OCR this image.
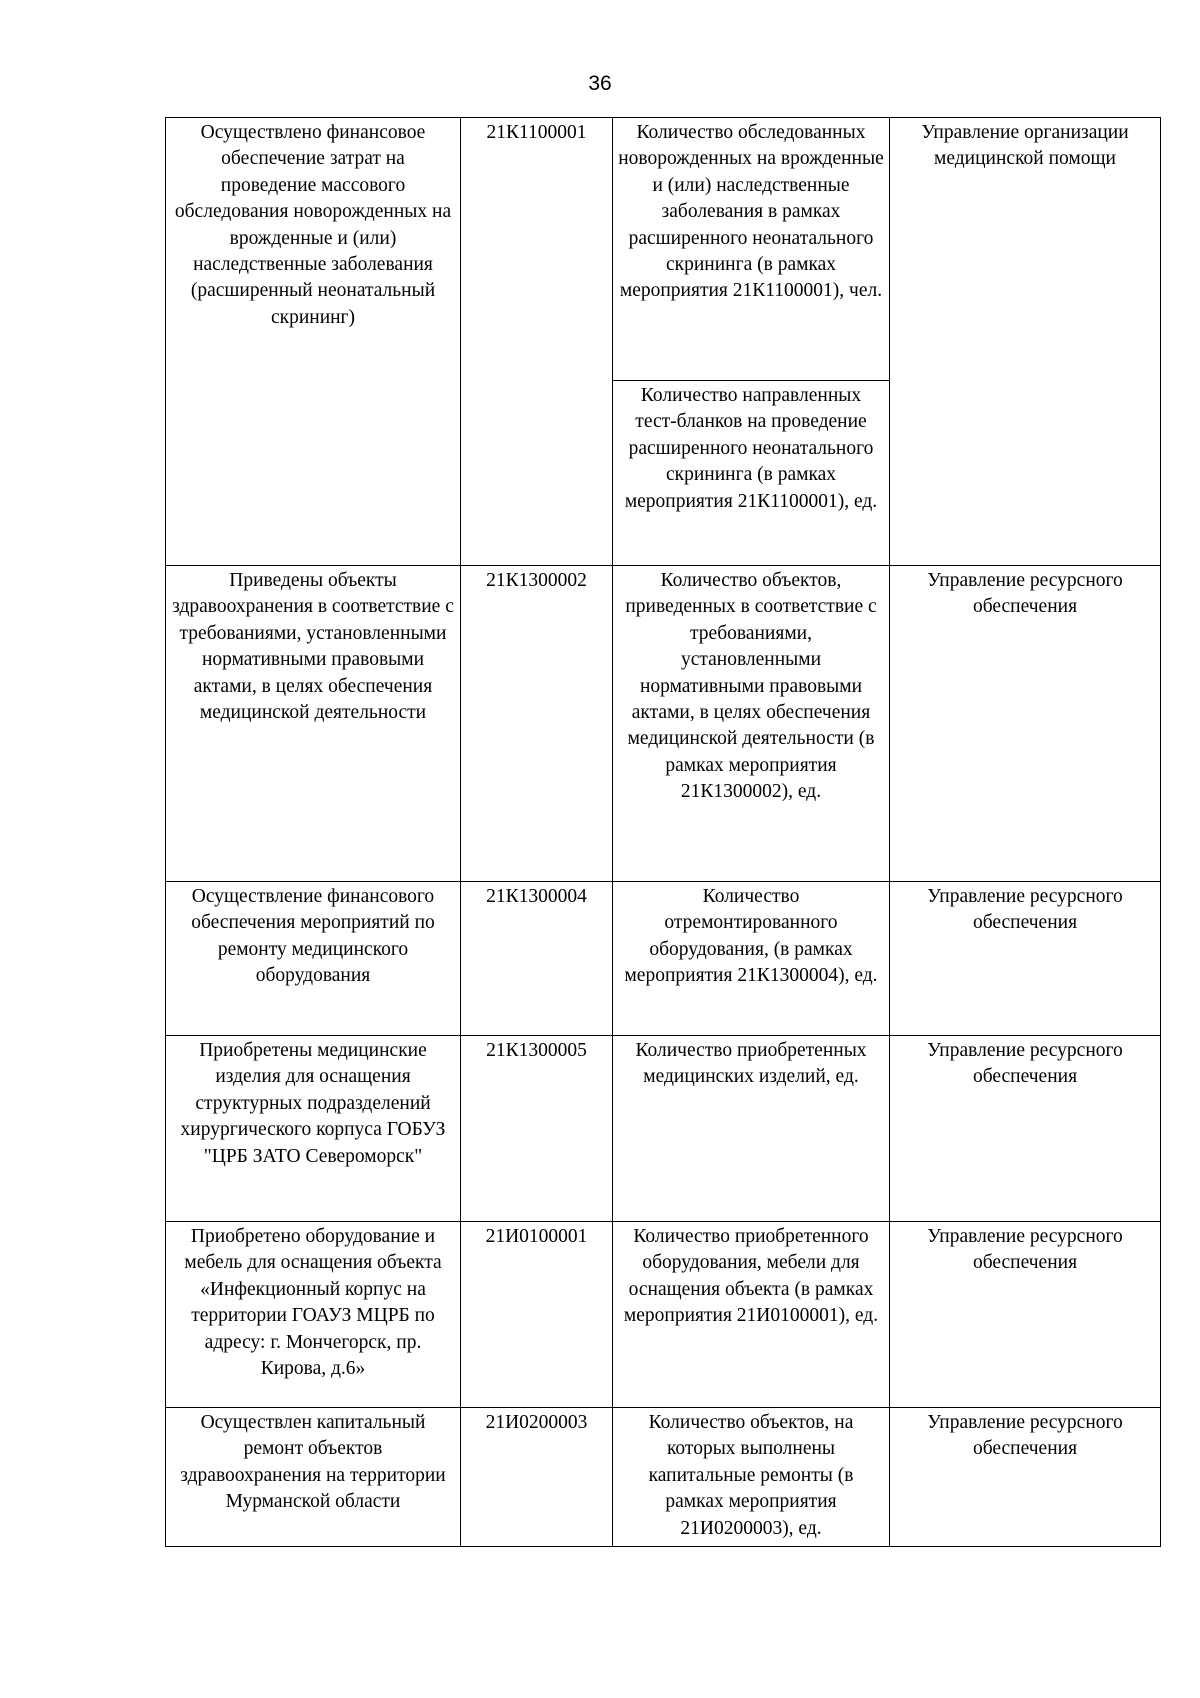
36
Осуществлено финансовое обеспечение затрат на проведение массового обследования новорожденных на врожденные и (или) наследственные заболевания (расширенный неонатальный скрининг)	21К1100001	Количество обследованных новорожденных на врожденные и (или) наследственные заболевания в рамках расширенного неонатального скрининга (в рамках мероприятия 21К1100001), чел.	Управление организации медицинской помощи

		Количество направленных тест-бланков на проведение расширенного неонатального скрининга (в рамках мероприятия 21К1100001), ед.	

Приведены объекты здравоохранения в соответствие с требованиями, установленными нормативными правовыми актами, в целях обеспечения медицинской деятельности	21К1300002	Количество объектов, приведенных в соответствие с требованиями, установленными нормативными правовыми актами, в целях обеспечения медицинской деятельности (в рамках мероприятия 21К1300002), ед.	Управление ресурсного обеспечения

Осуществление финансового обеспечения мероприятий по ремонту медицинского оборудования	21К1300004	Количество отремонтированного оборудования, (в рамках мероприятия 21К1300004), ед.	Управление ресурсного обеспечения

Приобретены медицинские изделия для оснащения структурных подразделений хирургического корпуса ГОБУЗ "ЦРБ ЗАТО Североморск"	21К1300005	Количество приобретенных медицинских изделий, ед.	Управление ресурсного обеспечения

Приобретено оборудование и мебель для оснащения объекта «Инфекционный корпус на территории ГОАУЗ МЦРБ по адресу: г. Мончегорск, пр. Кирова, д.6»	21И0100001	Количество приобретенного оборудования, мебели для оснащения объекта (в рамках мероприятия 21И0100001), ед.	Управление ресурсного обеспечения

Осуществлен капитальный ремонт объектов здравоохранения на территории Мурманской области	21И0200003	Количество объектов, на которых выполнены капитальные ремонты (в рамках мероприятия 21И0200003), ед.	Управление ресурсного обеспечения
